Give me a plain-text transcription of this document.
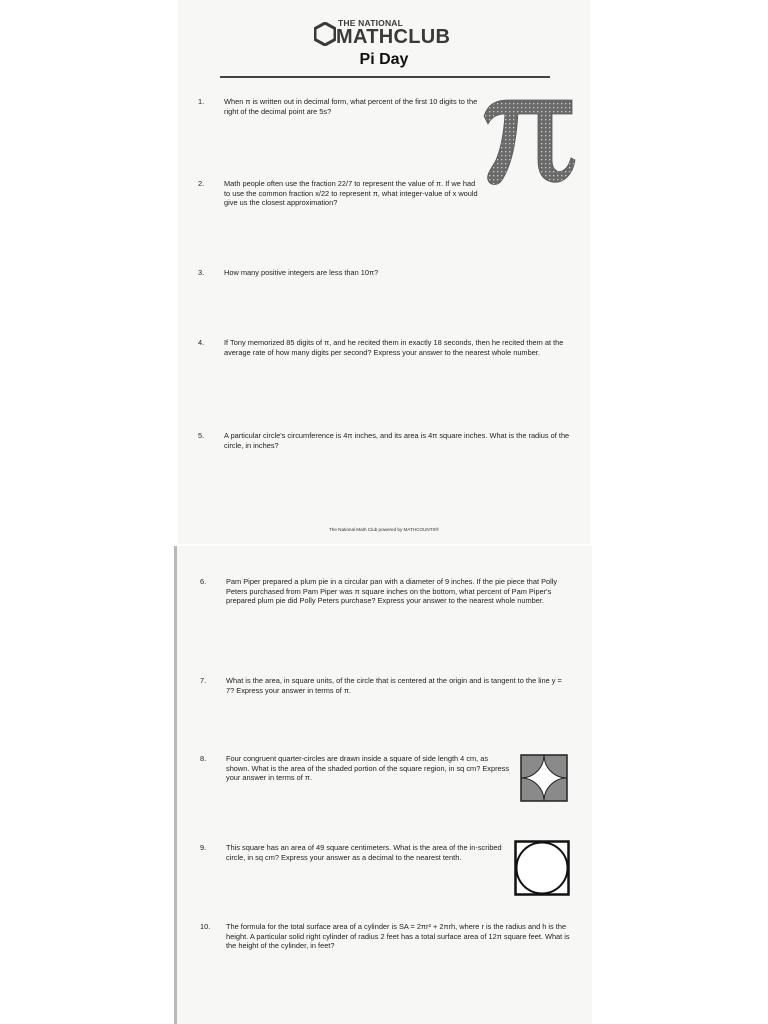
THE NATIONAL
MATHCLUB
Pi Day
1.	When π is written out in decimal form, what percent of the first 10 digits to the right of the decimal point are 5s?
2.	Math people often use the fraction 22/7 to represent the value of π. If we had to use the common fraction x/22 to represent π, what integer-value of x would give us the closest approximation?
3.	How many positive integers are less than 10π?
4.	If Tony memorized 85 digits of π, and he recited them in exactly 18 seconds, then he recited them at the average rate of how many digits per second? Express your answer to the nearest whole number.
5.	A particular circle's circumference is 4π inches, and its area is 4π square inches. What is the radius of the circle, in inches?
The National Math Club powered by MATHCOUNTS®
6.	Pam Piper prepared a plum pie in a circular pan with a diameter of 9 inches. If the pie piece that Polly Peters purchased from Pam Piper was π square inches on the bottom, what percent of Pam Piper's prepared plum pie did Polly Peters purchase? Express your answer to the nearest whole number.
7.	What is the area, in square units, of the circle that is centered at the origin and is tangent to the line y = 7? Express your answer in terms of π.
8.	Four congruent quarter-circles are drawn inside a square of side length 4 cm, as shown. What is the area of the shaded portion of the square region, in sq cm? Express your answer in terms of π.
9.	This square has an area of 49 square centimeters. What is the area of the in-scribed circle, in sq cm? Express your answer as a decimal to the nearest tenth.
10. The formula for the total surface area of a cylinder is SA = 2πr² + 2πrh, where r is the radius and h is the height. A particular solid right cylinder of radius 2 feet has a total surface area of 12π square feet. What is the height of the cylinder, in feet?
